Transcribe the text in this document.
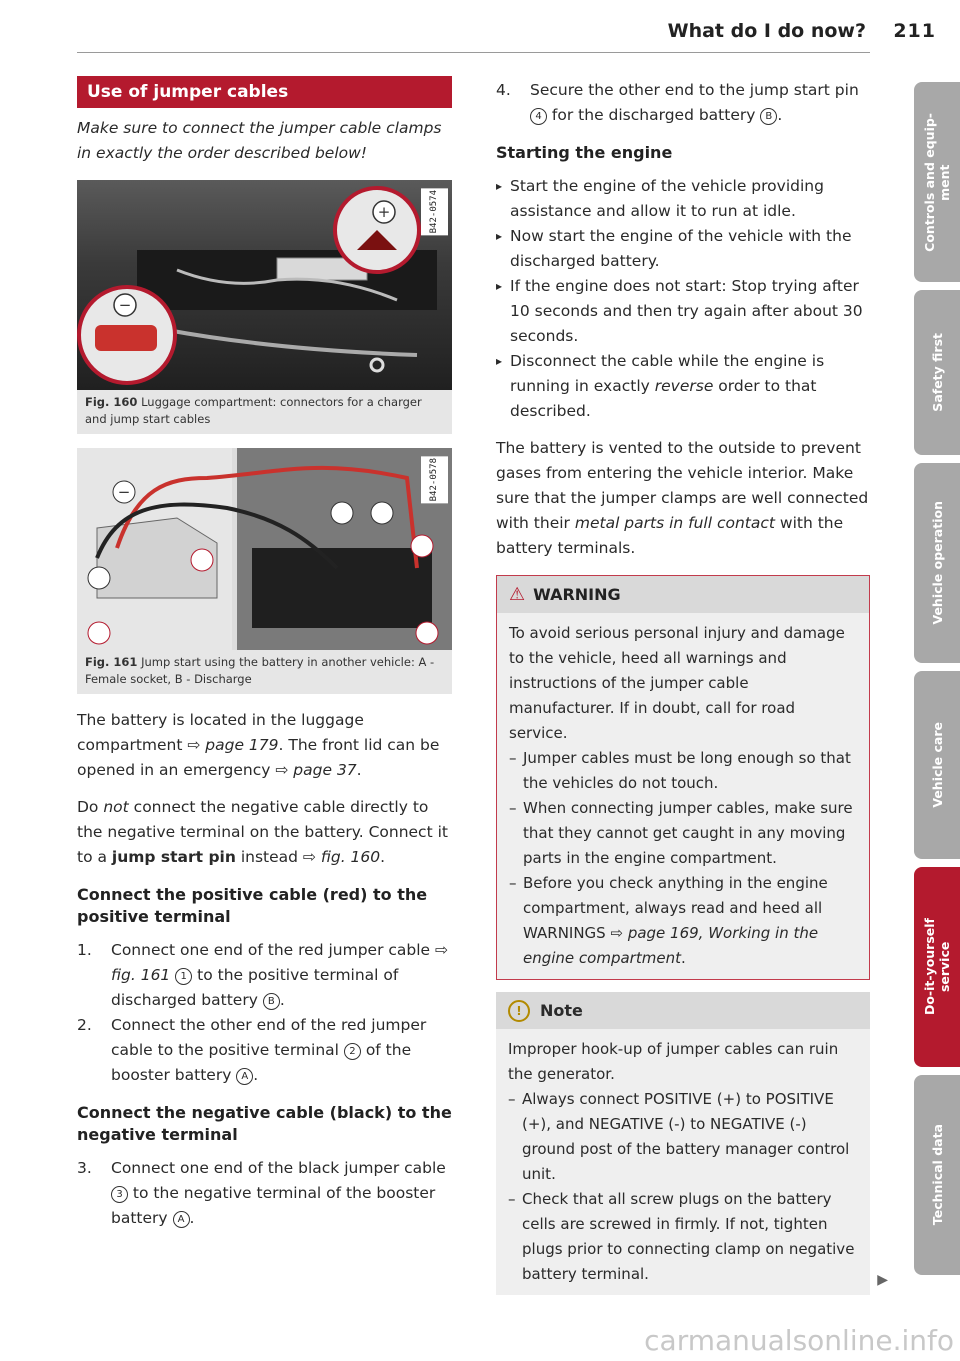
What do I do now? 211
Use of jumper cables

Make sure to connect the jumper cable clamps in exactly the order described below!

+
−
B42-0574
Fig. 160 Luggage compartment: connectors for a charger and jump start cables
−	B42-0578
Fig. 161 Jump start using the battery in another vehicle: A - Female socket, B - Discharge

The battery is located in the luggage compartment ⇨ page 179. The front lid can be opened in an emergency ⇨ page 37.

Do not connect the negative cable directly to the negative terminal on the battery. Connect it to a jump start pin instead ⇨ fig. 160.

Connect the positive cable (red) to the positive terminal
1. Connect one end of the red jumper cable ⇨ fig. 161 1 to the positive terminal of discharged battery B .
2. Connect the other end of the red jumper cable to the positive terminal 2 of the booster battery A .
Connect the negative cable (black) to the negative terminal
3. Connect one end of the black jumper cable 3 to the negative terminal of the booster battery A .
4. Secure the other end to the jump start pin 4 for the discharged battery B .
Starting the engine
▸ Start the engine of the vehicle providing assistance and allow it to run at idle.
▸ Now start the engine of the vehicle with the discharged battery.
▸ If the engine does not start: Stop trying after 10 seconds and then try again after about 30 seconds.
▸ Disconnect the cable while the engine is running in exactly reverse order to that described.

The battery is vented to the outside to prevent gases from entering the vehicle interior. Make sure that the jumper clamps are well connected with their metal parts in full contact with the battery terminals.

⚠ WARNING
To avoid serious personal injury and damage to the vehicle, heed all warnings and instructions of the jumper cable manufacturer. If in doubt, call for road service.
– Jumper cables must be long enough so that the vehicles do not touch.
– When connecting jumper cables, make sure that they cannot get caught in any moving parts in the engine compartment.
– Before you check anything in the engine compartment, always read and heed all WARNINGS ⇨ page 169, Working in the engine compartment.
!	Note
Improper hook-up of jumper cables can ruin the generator.
– Always connect POSITIVE (+) to POSITIVE (+), and NEGATIVE (-) to NEGATIVE (-) ground post of the battery manager control unit.
– Check that all screw plugs on the battery cells are screwed in firmly. If not, tighten plugs prior to connecting clamp on negative battery terminal.	▶
Controls and equip-
ment
Safety first
Vehicle operation
Vehicle care
Do-it-yourself
service
Technical data
carmanualsonline.info
